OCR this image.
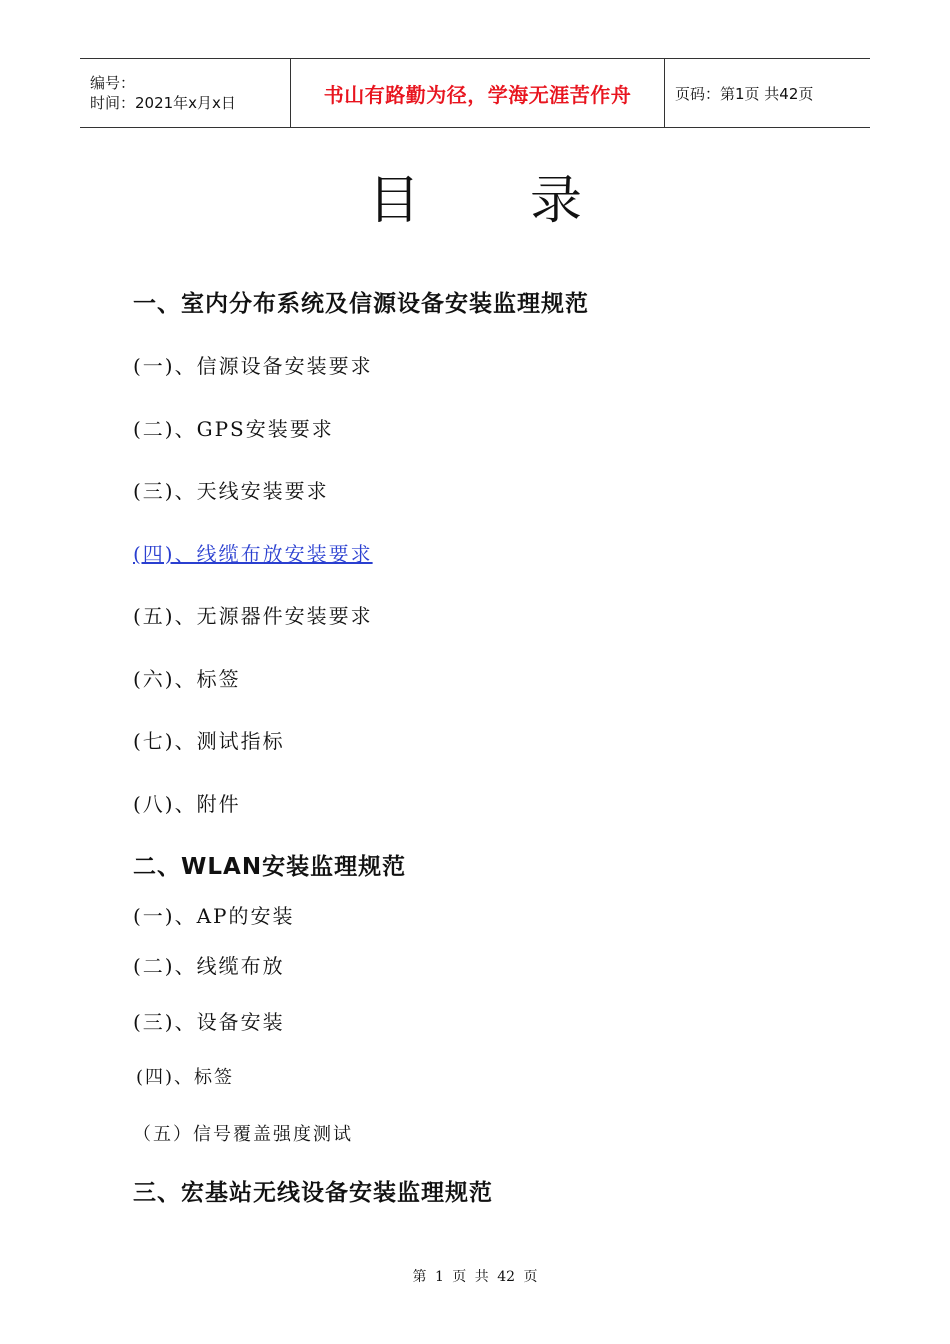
编号：
时间：2021年x月x日	书山有路勤为径，学海无涯苦作舟	页码：第1页 共42页
目录
一、室内分布系统及信源设备安装监理规范
(一)、信源设备安装要求
(二)、GPS安装要求
(三)、天线安装要求
(四)、线缆布放安装要求
(五)、无源器件安装要求
(六)、标签
(七)、测试指标
(八)、附件
二、WLAN安装监理规范
(一)、AP的安装
(二)、线缆布放
(三)、设备安装
(四)、标签
（五）信号覆盖强度测试
三、宏基站无线设备安装监理规范
第 1 页 共 42 页
